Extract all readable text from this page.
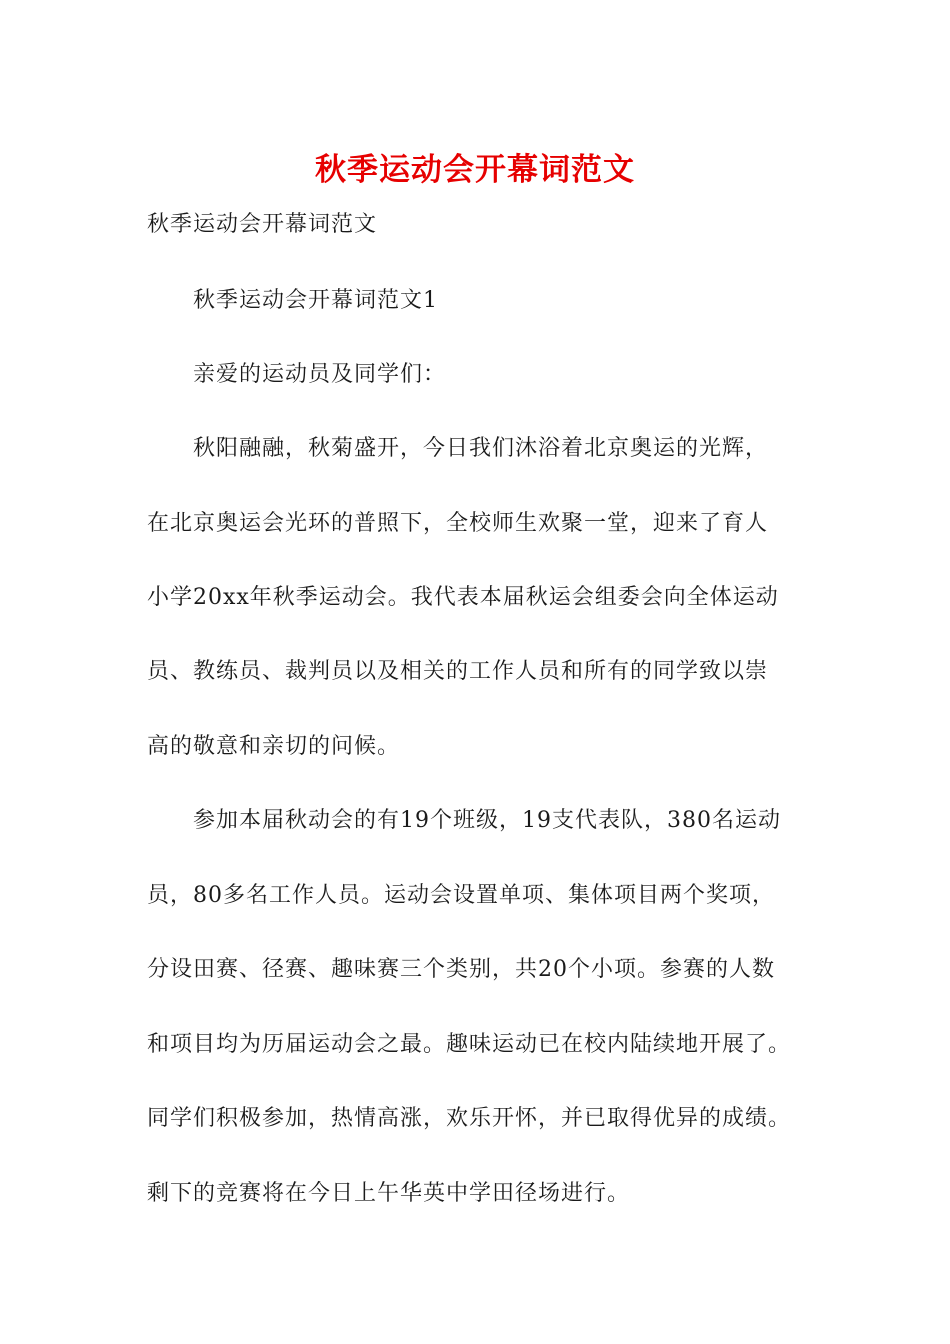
秋季运动会开幕词范文
秋季运动会开幕词范文
秋季运动会开幕词范文1
亲爱的运动员及同学们：
秋阳融融，秋菊盛开，今日我们沐浴着北京奥运的光辉，
在北京奥运会光环的普照下，全校师生欢聚一堂，迎来了育人
小学20xx年秋季运动会。我代表本届秋运会组委会向全体运动
员、教练员、裁判员以及相关的工作人员和所有的同学致以崇
高的敬意和亲切的问候。
参加本届秋动会的有19个班级，19支代表队，380名运动
员，80多名工作人员。运动会设置单项、集体项目两个奖项，
分设田赛、径赛、趣味赛三个类别，共20个小项。参赛的人数
和项目均为历届运动会之最。趣味运动已在校内陆续地开展了。
同学们积极参加，热情高涨，欢乐开怀，并已取得优异的成绩。
剩下的竞赛将在今日上午华英中学田径场进行。
